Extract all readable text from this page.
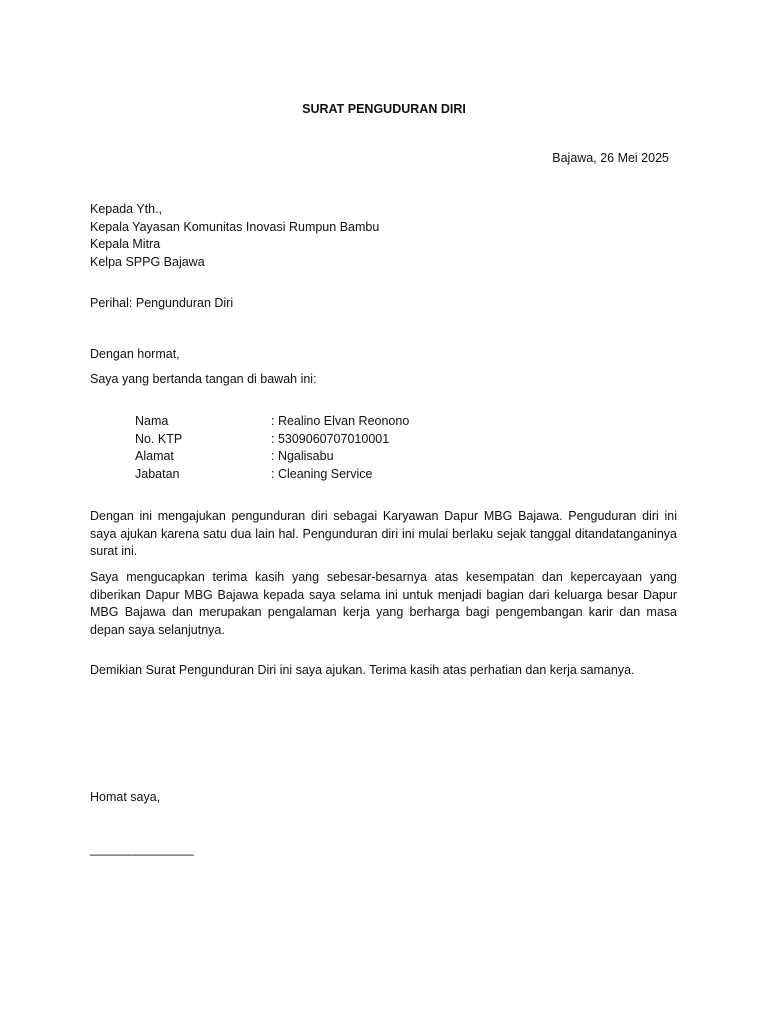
SURAT PENGUDURAN DIRI
Bajawa, 26 Mei 2025
Kepada Yth.,
Kepala Yayasan Komunitas Inovasi Rumpun Bambu
Kepala Mitra
Kelpa SPPG Bajawa
Perihal: Pengunduran Diri
Dengan hormat,
Saya yang bertanda tangan di bawah ini:
Nama	: Realino Elvan Reonono
No. KTP	: 5309060707010001
Alamat	: Ngalisabu
Jabatan	: Cleaning Service
Dengan ini mengajukan pengunduran diri sebagai Karyawan Dapur MBG Bajawa. Penguduran diri ini saya ajukan karena satu dua lain hal. Pengunduran diri ini mulai berlaku sejak tanggal ditandatanganinya surat ini.
Saya mengucapkan terima kasih yang sebesar-besarnya atas kesempatan dan kepercayaan yang diberikan Dapur MBG Bajawa kepada saya selama ini untuk menjadi bagian dari keluarga besar Dapur MBG Bajawa dan merupakan pengalaman kerja yang berharga bagi pengembangan karir dan masa depan saya selanjutnya.
Demikian Surat Pengunduran Diri ini saya ajukan. Terima kasih atas perhatian dan kerja samanya.
Homat saya,
________________
